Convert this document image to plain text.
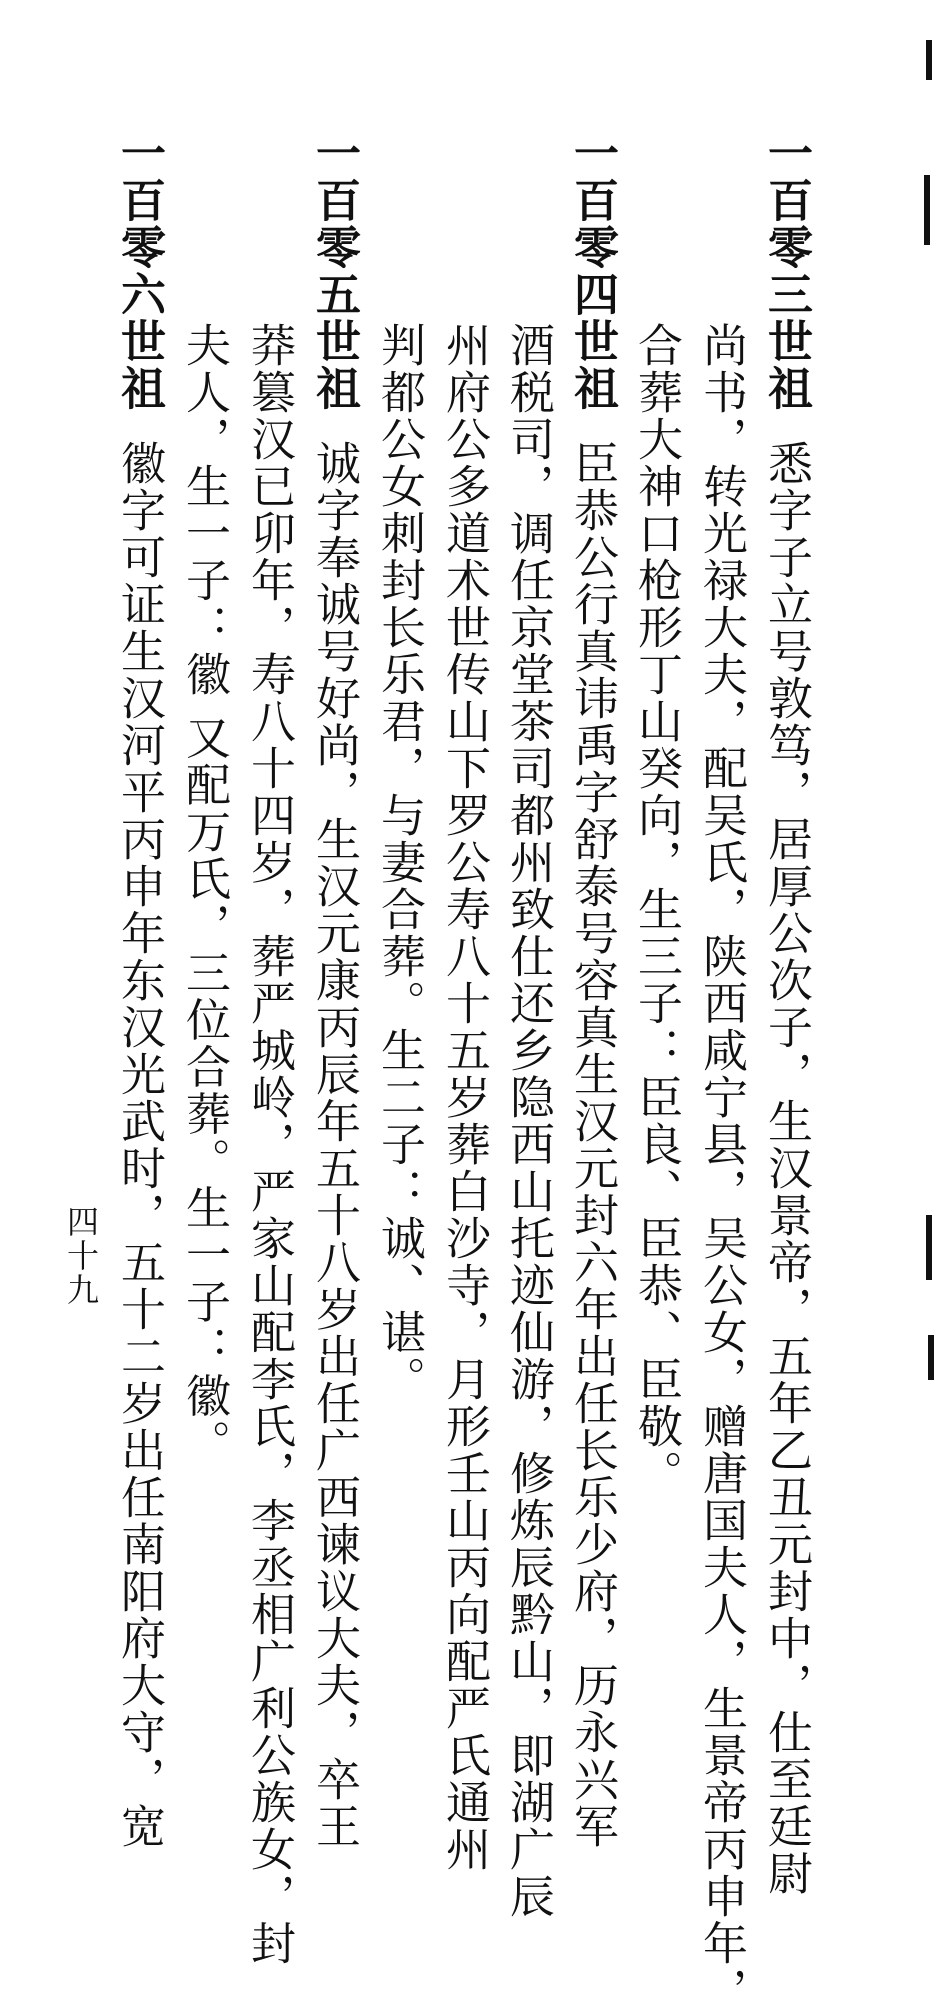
一百零三世祖悉字子立号敦笃，居厚公次子，生汉景帝，五年乙丑元封中，仕至廷尉
尚书，转光禄大夫，配吴氏，陕西咸宁县，吴公女，赠唐国夫人，生景帝丙申年，
合葬大神口枪形丁山癸向，生三子：臣良、臣恭、臣敬。
一百零四世祖臣恭公行真讳禹字舒泰号容真生汉元封六年出任长乐少府，历永兴军
酒税司，调任京堂茶司都州致仕还乡隐西山托迹仙游，修炼辰黔山，即湖广辰
州府公多道术世传山下罗公寿八十五岁葬白沙寺，月形壬山丙向配严氏通州
判都公女刺封长乐君，与妻合葬。生二子：诚、谌。
一百零五世祖诚字奉诚号好尚，生汉元康丙辰年五十八岁出任广西谏议大夫，卒王
莽篡汉已卯年，寿八十四岁，葬严城岭，严家山配李氏，李丞相广利公族女，封
夫人，生一子：徽 又配万氏，三位合葬。生一子：徽。
一百零六世祖徽字可证生汉河平丙申年东汉光武时，五十二岁出任南阳府大守，宽
四十九
